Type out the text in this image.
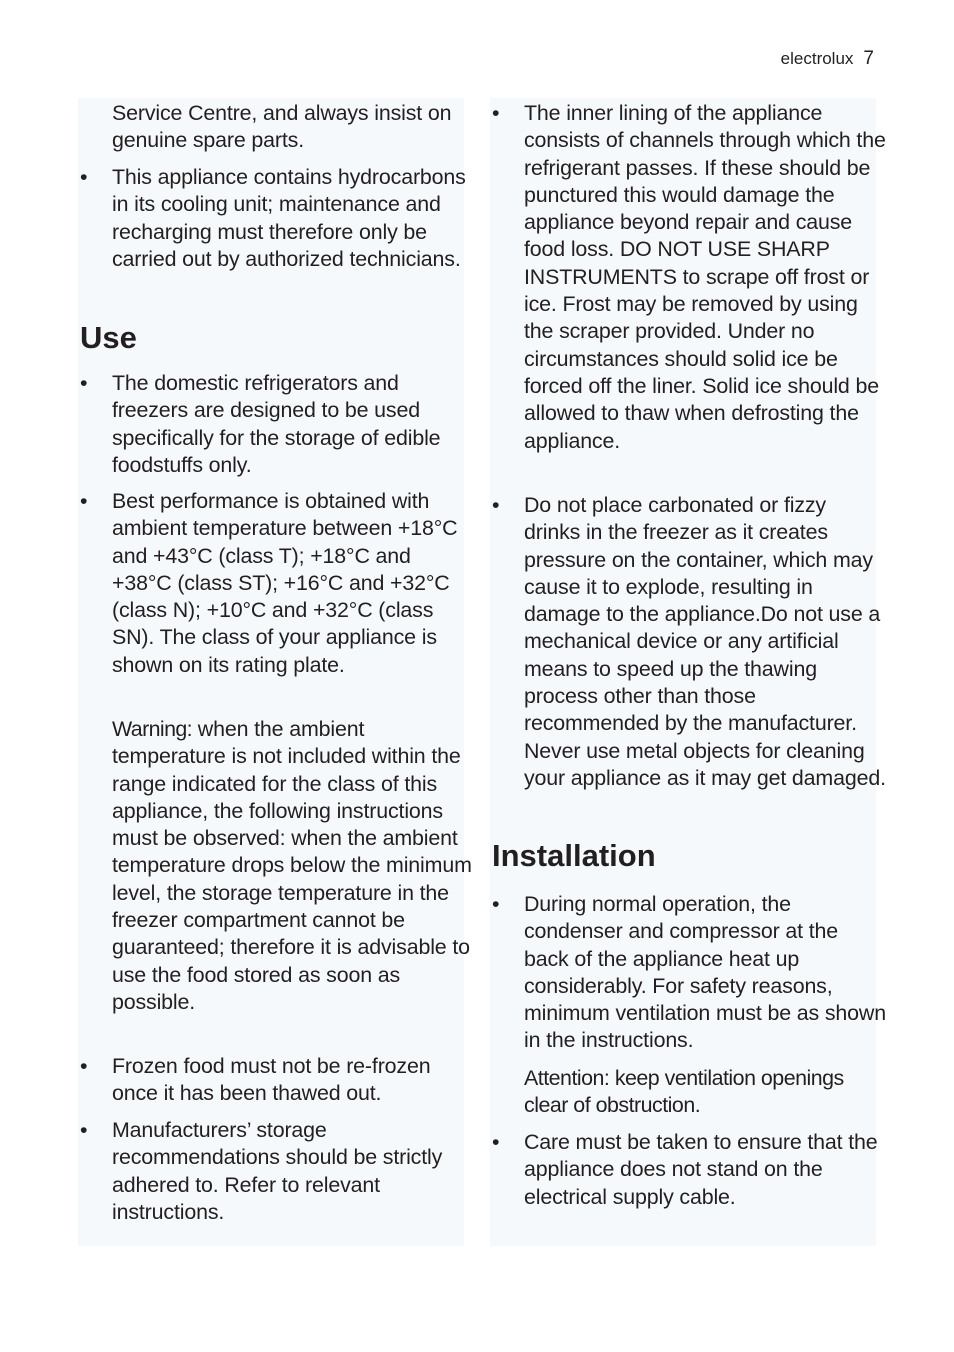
electrolux 7

Service Centre, and always insist on genuine spare parts.

• This appliance contains hydrocarbons in its cooling unit; maintenance and recharging must therefore only be carried out by authorized technicians.

Use

• The domestic refrigerators and freezers are designed to be used specifically for the storage of edible foodstuffs only.

• Best performance is obtained with ambient temperature between +18°C and +43°C (class T); +18°C and +38°C (class ST); +16°C and +32°C (class N); +10°C and +32°C (class SN). The class of your appliance is shown on its rating plate.

Warning: when the ambient temperature is not included within the range indicated for the class of this appliance, the following instructions must be observed: when the ambient temperature drops below the minimum level, the storage temperature in the freezer compartment cannot be guaranteed; therefore it is advisable to use the food stored as soon as possible.

• Frozen food must not be re-frozen once it has been thawed out.

• Manufacturers’ storage recommendations should be strictly adhered to. Refer to relevant instructions.

• The inner lining of the appliance consists of channels through which the refrigerant passes. If these should be punctured this would damage the appliance beyond repair and cause food loss. DO NOT USE SHARP INSTRUMENTS to scrape off frost or ice. Frost may be removed by using the scraper provided. Under no circumstances should solid ice be forced off the liner. Solid ice should be allowed to thaw when defrosting the appliance.

• Do not place carbonated or fizzy drinks in the freezer as it creates pressure on the container, which may cause it to explode, resulting in damage to the appliance.Do not use a mechanical device or any artificial means to speed up the thawing process other than those recommended by the manufacturer. Never use metal objects for cleaning your appliance as it may get damaged.

Installation

• During normal operation, the condenser and compressor at the back of the appliance heat up considerably. For safety reasons, minimum ventilation must be as shown in the instructions.

Attention: keep ventilation openings clear of obstruction.

• Care must be taken to ensure that the appliance does not stand on the electrical supply cable.
